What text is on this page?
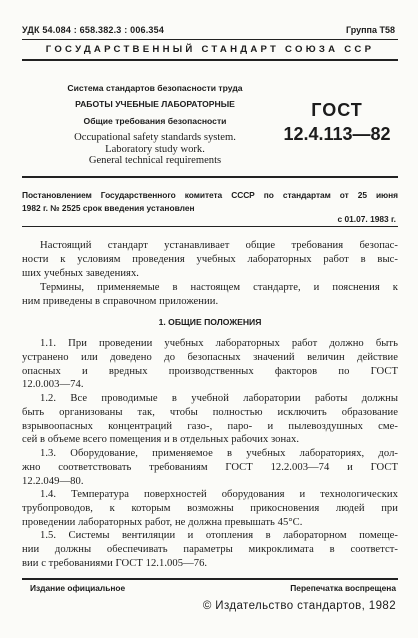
УДК 54.084 : 658.382.3 : 006.354	Группа Т58
ГОСУДАРСТВЕННЫЙ СТАНДАРТ СОЮЗА ССР
Система стандартов безопасности труда
РАБОТЫ УЧЕБНЫЕ ЛАБОРАТОРНЫЕ
Общие требования безопасности
Occupational safety standards system.
Laboratory study work.
General technical requirements
ГОСТ
12.4.113—82
Постановлением Государственного комитета СССР по стандартам от 25 июня
1982 г. № 2525 срок введения установлен
с 01.07. 1983 г.
Настоящий стандарт устанавливает общие требования безопас-
ности к условиям проведения учебных лабораторных работ в выс-
ших учебных заведениях.
Термины, применяемые в настоящем стандарте, и пояснения к
ним приведены в справочном приложении.
1. ОБЩИЕ ПОЛОЖЕНИЯ
1.1. При проведении учебных лабораторных работ должно быть
устранено или доведено до безопасных значений величин действие
опасных и вредных производственных факторов по ГОСТ
12.0.003—74.
1.2. Все проводимые в учебной лаборатории работы должны
быть организованы так, чтобы полностью исключить образование
взрывоопасных концентраций газо-, паро- и пылевоздушных сме-
сей в объеме всего помещения и в отдельных рабочих зонах.
1.3. Оборудование, применяемое в учебных лабораториях, дол-
жно соответствовать требованиям ГОСТ 12.2.003—74 и ГОСТ
12.2.049—80.
1.4. Температура поверхностей оборудования и технологических
трубопроводов, к которым возможны прикосновения людей при
проведении лабораторных работ, не должна превышать 45°С.
1.5. Системы вентиляции и отопления в лабораторном помеще-
нии должны обеспечивать параметры микроклимата в соответст-
вии с требованиями ГОСТ 12.1.005—76.
Издание официальное	Перепечатка воспрещена
© Издательство стандартов, 1982
